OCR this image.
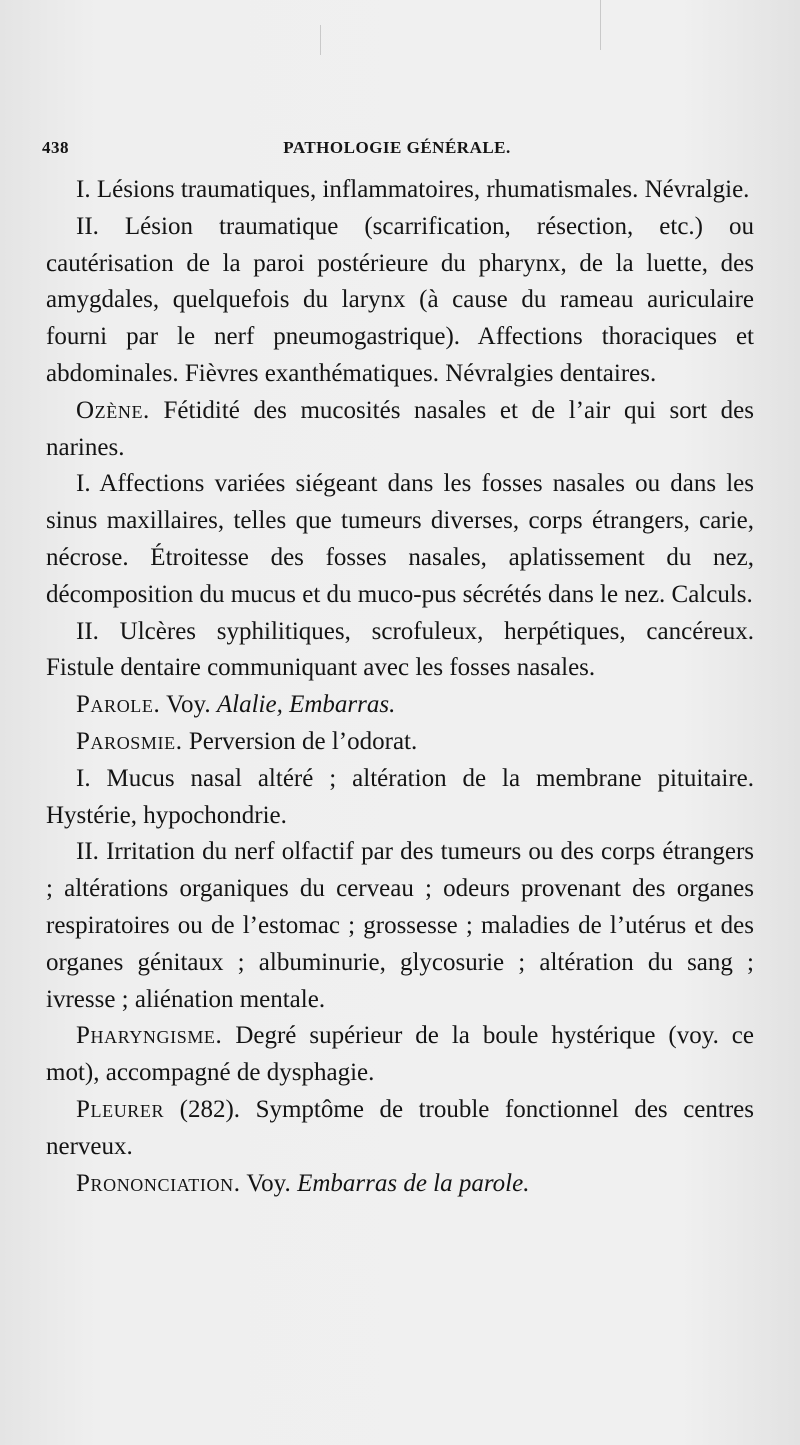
438	PATHOLOGIE GÉNÉRALE.

I. Lésions traumatiques, inflammatoires, rhumatismales. Névralgie.

II. Lésion traumatique (scarrification, résection, etc.) ou cautérisation de la paroi postérieure du pharynx, de la luette, des amygdales, quelquefois du larynx (à cause du rameau auriculaire fourni par le nerf pneumogastrique). Affections thoraciques et abdominales. Fièvres exanthématiques. Névralgies dentaires.

Ozène. Fétidité des mucosités nasales et de l’air qui sort des narines.

I. Affections variées siégeant dans les fosses nasales ou dans les sinus maxillaires, telles que tumeurs diverses, corps étrangers, carie, nécrose. Étroitesse des fosses nasales, aplatissement du nez, décomposition du mucus et du muco-pus sécrétés dans le nez. Calculs.

II. Ulcères syphilitiques, scrofuleux, herpétiques, cancéreux. Fistule dentaire communiquant avec les fosses nasales.

Parole. Voy. Alalie, Embarras.

Parosmie. Perversion de l’odorat.

I. Mucus nasal altéré ; altération de la membrane pituitaire. Hystérie, hypochondrie.

II. Irritation du nerf olfactif par des tumeurs ou des corps étrangers ; altérations organiques du cerveau ; odeurs provenant des organes respiratoires ou de l’estomac ; grossesse ; maladies de l’utérus et des organes génitaux ; albuminurie, glycosurie ; altération du sang ; ivresse ; aliénation mentale.

Pharyngisme. Degré supérieur de la boule hystérique (voy. ce mot), accompagné de dysphagie.

Pleurer (282). Symptôme de trouble fonctionnel des centres nerveux.

Prononciation. Voy. Embarras de la parole.
